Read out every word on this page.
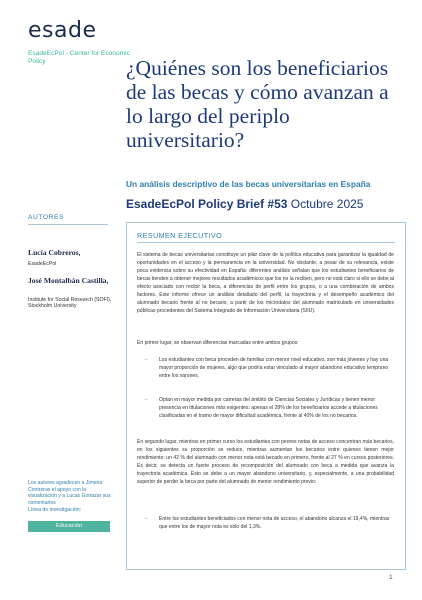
esade
EsadeEcPol - Center for Economic Policy
AUTORES
Lucía Cobreros,
EsadeEcPol
José Montalbán Castilla,
Institute for Social Research (SOFI), Stockholm University
Los autores agradecen a Jimena Contreras el apoyo con la visualización y a Lucas Gortazar sus comentarios
Línea de investigación:
Educación
¿Quiénes son los beneficiarios de las becas y cómo avanzan a lo largo del periplo universitario?
Un análisis descriptivo de las becas universitarias en España
EsadeEcPol Policy Brief #53 Octubre 2025
RESUMEN EJECUTIVO

El sistema de becas universitarias constituye un pilar clave de la política educativa para garantizar la igualdad de oportunidades en el acceso y la permanencia en la universidad. No obstante, a pesar de su relevancia, existe poca evidencia sobre su efectividad en España: diferentes análisis señalan que los estudiantes beneficiarios de becas tienden a obtener mejores resultados académicos que los no la reciben, pero no está claro si ello se debe al efecto asociado con recibir la beca, a diferencias de perfil entre los grupos, o a una combinación de ambos factores. Este informe ofrece un análisis detallado del perfil, la trayectoria y el desempeño académico del alumnado becario frente al no becario, a partir de los microdatos del alumnado matriculado en universidades públicas procedentes del Sistema Integrado de Información Universitaria (SIIU).

En primer lugar, se observan diferencias marcadas entre ambos grupos:

→ Los estudiantes con beca proceden de familias con menor nivel educativo, son más jóvenes y hay una mayor proporción de mujeres, algo que podría estar vinculado al mayor abandono educativo temprano entre los varones.

→ Optan en mayor medida por carreras del ámbito de Ciencias Sociales y Jurídicas y tienen menor presencia en titulaciones más exigentes: apenas el 28% de los beneficiarios accede a titulaciones clasificadas en el tramo de mayor dificultad académica, frente al 40% de los no becarios.

En segundo lugar, mientras en primer curso los estudiantes con peores notas de acceso concentran más becarios, en los siguientes su proporción se reduce, mientras aumentan los becarios entre quienes tienen mejor rendimiento: un 42 % del alumnado con menor nota está becado en primero, frente al 27 % en cursos posteriores. Es decir, se detecta un fuerte proceso de recomposición del alumnado con beca a medida que avanza la trayectoria académica. Esto se debe a un mayor abandono universitario, y, especialmente, a una probabilidad superior de perder la beca por parte del alumnado de menor rendimiento previo:

→ Entre los estudiantes beneficiados con menor nota de acceso, el abandono alcanza el 19,4%, mientras que entre los de mayor nota es sólo del 1,3%.

1
